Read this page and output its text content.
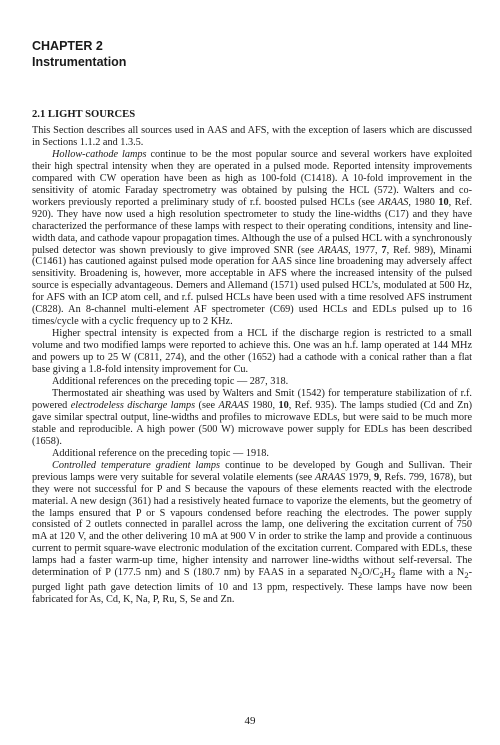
CHAPTER 2
Instrumentation
2.1 LIGHT SOURCES

This Section describes all sources used in AAS and AFS, with the exception of lasers which are discussed in Sections 1.1.2 and 1.3.5.

Hollow-cathode lamps continue to be the most popular source and several workers have exploited their high spectral intensity when they are operated in a pulsed mode. Reported intensity improvements compared with CW operation have been as high as 100-fold (C1418). A 10-fold improvement in the sensitivity of atomic Faraday spectrometry was obtained by pulsing the HCL (572). Walters and co-workers previously reported a preliminary study of r.f. boosted pulsed HCLs (see ARAAS, 1980 10, Ref. 920). They have now used a high resolution spectrometer to study the line-widths (C17) and they have characterized the performance of these lamps with respect to their operating conditions, intensity and line-width data, and cathode vapour propagation times. Although the use of a pulsed HCL with a synchronously pulsed detector was shown previously to give improved SNR (see ARAAS, 1977, 7, Ref. 989), Minami (C1461) has cautioned against pulsed mode operation for AAS since line broadening may adversely affect sensitivity. Broadening is, however, more acceptable in AFS where the increased intensity of the pulsed source is especially advantageous. Demers and Allemand (1571) used pulsed HCL’s, modulated at 500 Hz, for AFS with an ICP atom cell, and r.f. pulsed HCLs have been used with a time resolved AFS instrument (C828). An 8-channel multi-element AF spectrometer (C69) used HCLs and EDLs pulsed up to 16 times/cycle with a cyclic frequency up to 2 KHz.

Higher spectral intensity is expected from a HCL if the discharge region is restricted to a small volume and two modified lamps were reported to achieve this. One was an h.f. lamp operated at 144 MHz and powers up to 25 W (C811, 274), and the other (1652) had a cathode with a conical rather than a flat base giving a 1.8-fold intensity improvement for Cu.

Additional references on the preceding topic — 287, 318.

Thermostated air sheathing was used by Walters and Smit (1542) for temperature stabilization of r.f. powered electrodeless discharge lamps (see ARAAS 1980, 10, Ref. 935). The lamps studied (Cd and Zn) gave similar spectral output, line-widths and profiles to microwave EDLs, but were said to be much more stable and reproducible. A high power (500 W) microwave power supply for EDLs has been described (1658).

Additional reference on the preceding topic — 1918.

Controlled temperature gradient lamps continue to be developed by Gough and Sullivan. Their previous lamps were very suitable for several volatile elements (see ARAAS 1979, 9, Refs. 799, 1678), but they were not successful for P and S because the vapours of these elements reacted with the electrode material. A new design (361) had a resistively heated furnace to vaporize the elements, but the geometry of the lamps ensured that P or S vapours condensed before reaching the electrodes. The power supply consisted of 2 outlets connected in parallel across the lamp, one delivering the excitation current of 750 mA at 120 V, and the other delivering 10 mA at 900 V in order to strike the lamp and provide a continuous current to permit square-wave electronic modulation of the excitation current. Compared with EDLs, these lamps had a faster warm-up time, higher intensity and narrower line-widths without self-reversal. The determination of P (177.5 nm) and S (180.7 nm) by FAAS in a separated $N_2O/C_2H_2$ flame with a $N_2$-purged light path gave detection limits of 10 and 13 ppm, respectively. These lamps have now been fabricated for As, Cd, K, Na, P, Ru, S, Se and Zn.

49
